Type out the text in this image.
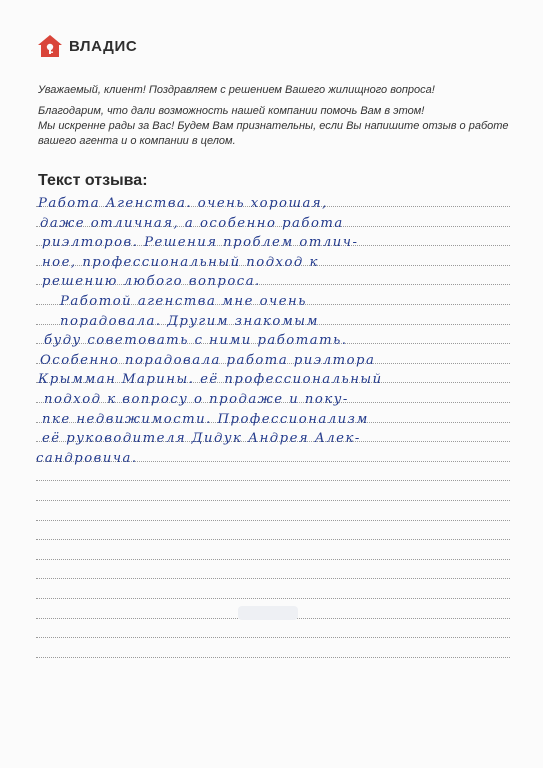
ВЛАДИС

Уважаемый, клиент! Поздравляем с решением Вашего жилищного вопроса!

Благодарим, что дали возможность нашей компании помочь Вам в этом!

Мы искренне рады за Вас! Будем Вам признательны, если Вы напишите отзыв о работе

вашего агента и о компании в целом.

Текст отзыва:
Работа Агенства. очень хорошая,
даже отличная, а особенно работа
риэлторов. Решения проблем отлич-
ное, профессиональный подход к
решению любого вопроса.
Работой агенства мне очень
порадовала. Другим знакомым
буду советовать с ними работать.
Особенно порадовала работа риэлтора
Крымман Марины. её профессиональный
подход к вопросу о продаже и поку-
пке недвижимости. Профессионализм
её руководителя Дидук Андрея Алек-
сандровича.
